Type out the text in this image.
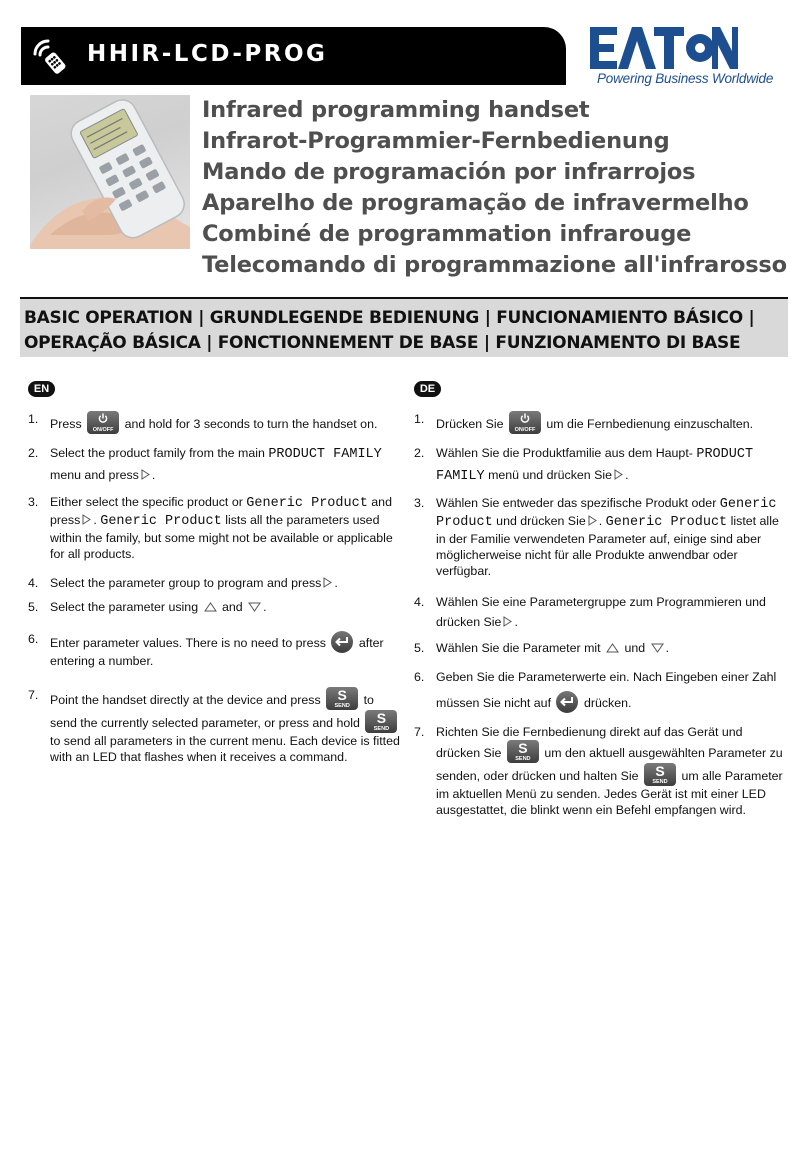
HHIR-LCD-PROG
Powering Business Worldwide
Infrared programming handset
Infrarot-Programmier-Fernbedienung
Mando de programación por infrarrojos
Aparelho de programação de infravermelho
Combiné de programmation infrarouge
Telecomando di programmazione all'infrarosso
BASIC OPERATION | GRUNDLEGENDE BEDIENUNG | FUNCIONAMIENTO BÁSICO |
OPERAÇÃO BÁSICA | FONCTIONNEMENT DE BASE | FUNZIONAMENTO DI BASE
EN	DE
1. Press	ON/OFF and hold for 3 seconds to turn the handset on.
2. Select the product family from the main PRODUCT FAMILY menu and press .
3. Either select the specific product or Generic Product and press . Generic Product lists all the parameters used within the family, but some might not be available or applicable for all products.
4. Select the parameter group to program and press .
5. Select the parameter using and .
6. Enter parameter values. There is no need to press	after entering a number.
7. Point the handset directly at the device and press	S
SEND	to send the currently selected parameter, or press and hold	S
SEND
to send all parameters in the current menu. Each device is fitted with an LED that flashes when it receives a command.
1. Drücken Sie	ON/OFF um die Fernbedienung einzuschalten.
2. Wählen Sie die Produktfamilie aus dem Haupt- PRODUCT FAMILY menü und drücken Sie .
3. Wählen Sie entweder das spezifische Produkt oder Generic Product und drücken Sie . Generic Product listet alle in der Familie verwendeten Parameter auf, einige sind aber möglicherweise nicht für alle Produkte anwendbar oder verfügbar.
4. Wählen Sie eine Parametergruppe zum Programmieren und drücken Sie .
5. Wählen Sie die Parameter mit und .
6. Geben Sie die Parameterwerte ein. Nach Eingeben einer Zahl müssen Sie nicht auf	drücken.
7. Richten Sie die Fernbedienung direkt auf das Gerät und drücken Sie	S
SEND	um den aktuell ausgewählten Parameter zu senden, oder drücken und halten Sie	S
SEND	um alle Parameter im aktuellen Menü zu senden. Jedes Gerät ist mit einer LED ausgestattet, die blinkt wenn ein Befehl empfangen wird.
